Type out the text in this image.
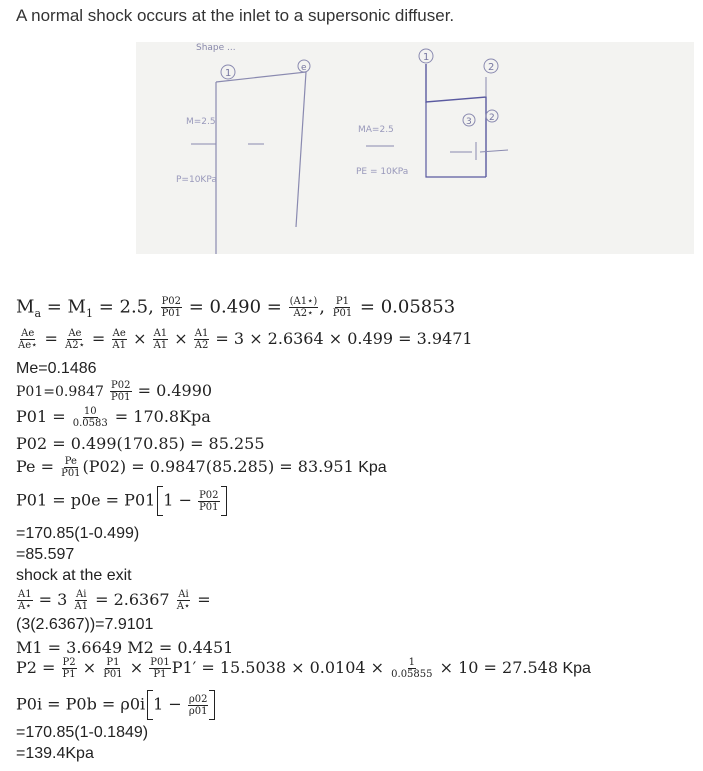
A normal shock occurs at the inlet to a supersonic diffuser.
Shape ...
1	e
M=2.5
P=10KPa
1
2
3 2
MA=2.5
PE = 10KPa
$M_a = M_1 = 2.5$, $\frac{P02}{P01} = 0.490 = \frac{(A1⋆)}{A2⋆}$ , $\frac{P1}{P01} = 0.05853$
$\frac{Ae}{Ae⋆} = \frac{Ae}{A2⋆} = \frac{Ae}{A1} \times \frac{A1}{A1} \times \frac{A1}{A2} = 3 \times 2.6364 \times 0.499 = 3.9471$
Me=0.1486
$P01=0.9847 \frac{P02}{P01} = 0.4990$
$P01 = \frac{10}{0.0583} = 170.8Kpa$
P02 = 0.499(170.85) = 85.255
$Pe = \frac{Pe}{P01} (P02) = 0.9847(85.285) = 83.951$ Kpa
P01 = p0e = P01 $1 - \frac{P02}{P01}$
=170.85(1-0.499)
=85.597
shock at the exit
$\frac{A1}{A⋆} = 3 \frac{Ai}{A1} = 2.6367 \frac{Ai}{A⋆}$ =
(3(2.6367))=7.9101
M1 = 3.6649 M2 = 0.4451
$P2 = \frac{P2}{P1} \times \frac{P1}{P01} \times \frac{P01}{P1} P1' = 15.5038 \times 0.0104 \times \frac{1}{0.05855} \times 10 = 27.548$ Kpa
P0i = P0b = ρ0i $1 - \frac{\rho 02}{\rho 01}$
=170.85(1-0.1849)
=139.4Kpa
